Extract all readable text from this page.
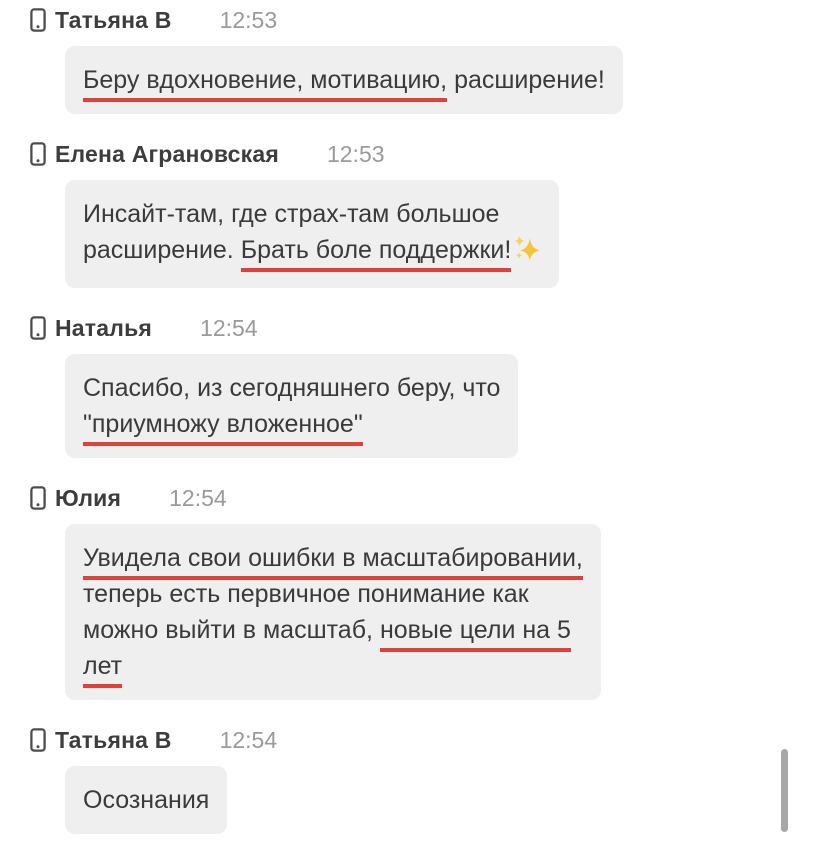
Татьяна В 12:53
Беру вдохновение, мотивацию, расширение!
Елена Аграновская 12:53
Инсайт-там, где страх-там большое
расширение. Брать боле поддержки!
Наталья 12:54
Спасибо, из сегодняшнего беру, что
"приумножу вложенное"
Юлия 12:54
Увидела свои ошибки в масштабировании,
теперь есть первичное понимание как
можно выйти в масштаб, новые цели на 5
лет
Татьяна В 12:54
Осознания
